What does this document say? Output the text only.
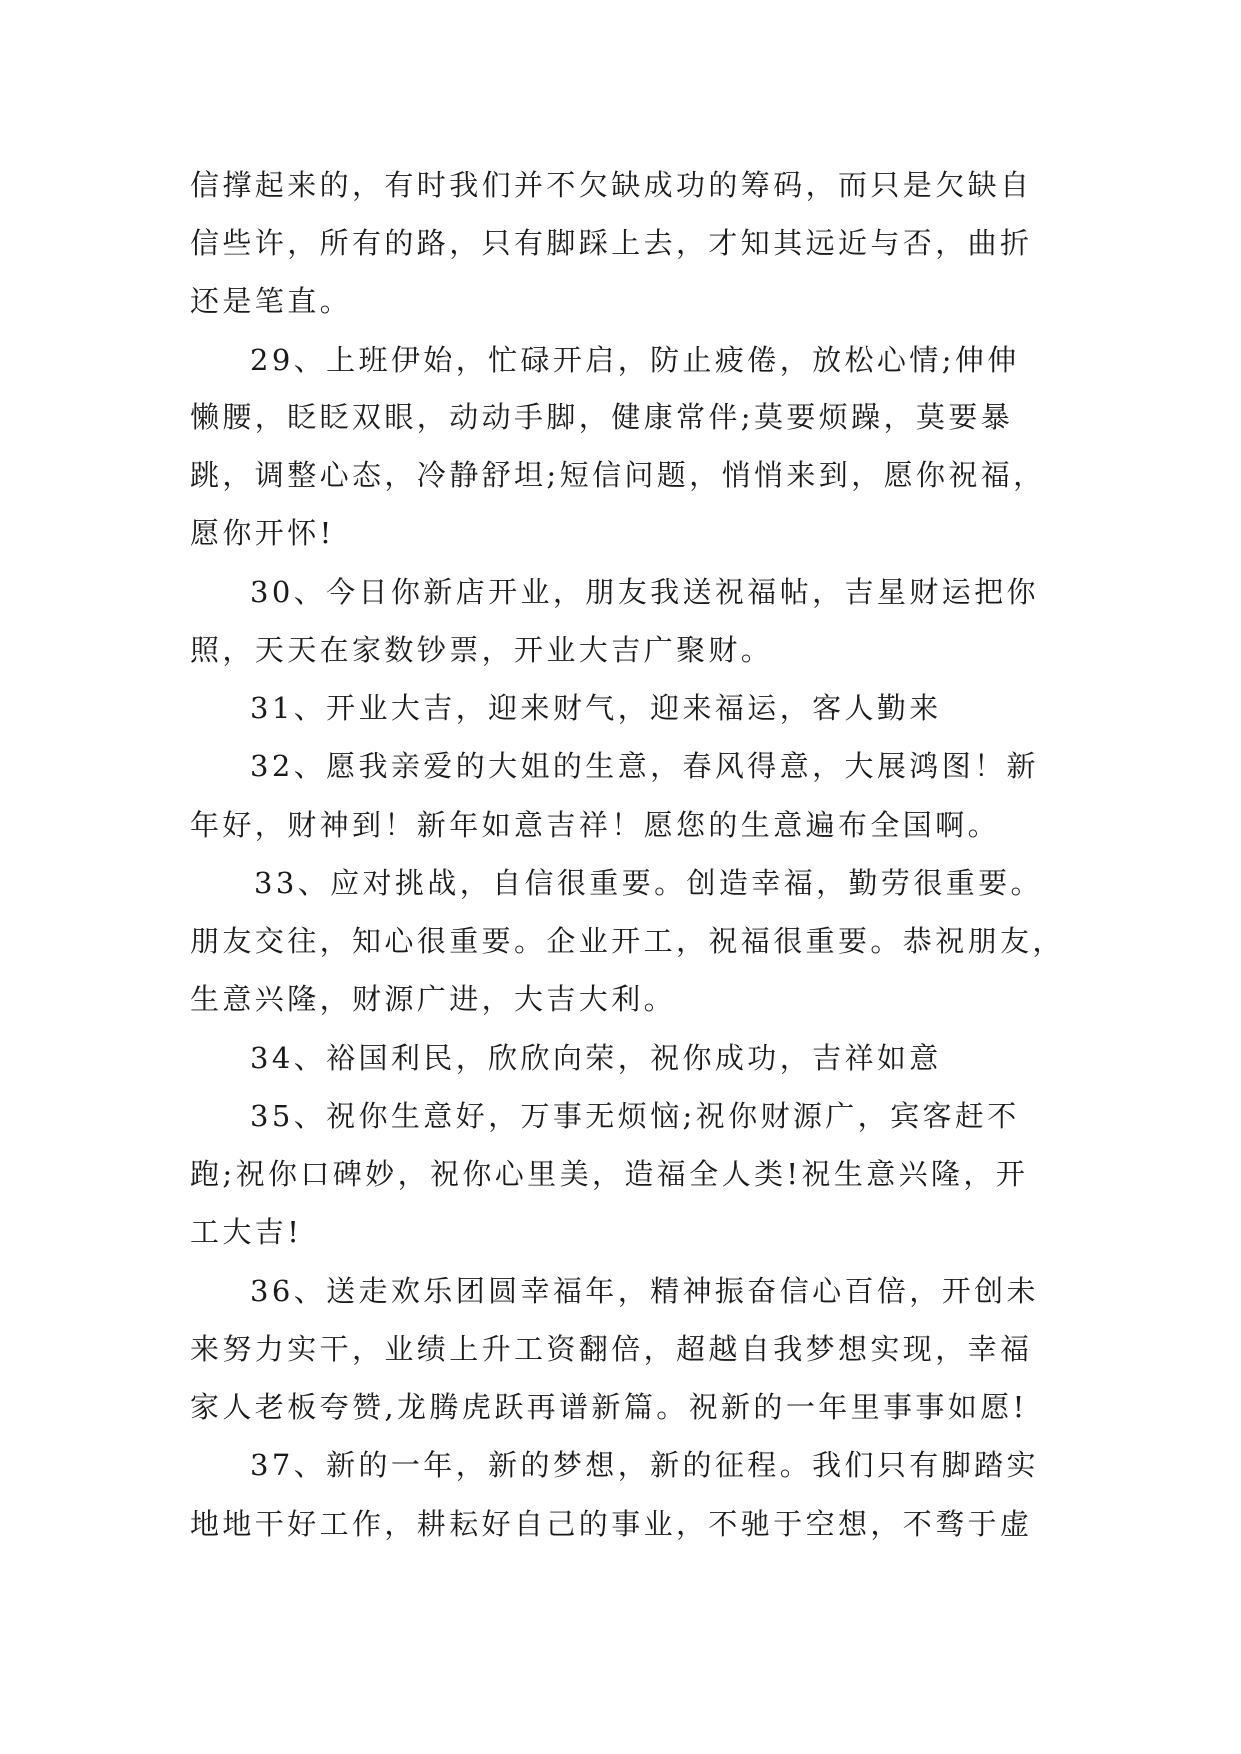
信撑起来的，有时我们并不欠缺成功的筹码，而只是欠缺自
信些许，所有的路，只有脚踩上去，才知其远近与否，曲折
还是笔直。
29、上班伊始，忙碌开启，防止疲倦，放松心情;伸伸
懒腰，眨眨双眼，动动手脚，健康常伴;莫要烦躁，莫要暴
跳，调整心态，冷静舒坦;短信问题，悄悄来到，愿你祝福，
愿你开怀!
30、今日你新店开业，朋友我送祝福帖，吉星财运把你
照，天天在家数钞票，开业大吉广聚财。
31、开业大吉，迎来财气，迎来福运，客人勤来
32、愿我亲爱的大姐的生意，春风得意，大展鸿图！新
年好，财神到！新年如意吉祥！愿您的生意遍布全国啊。
33、应对挑战，自信很重要。创造幸福，勤劳很重要。
朋友交往，知心很重要。企业开工，祝福很重要。恭祝朋友，
生意兴隆，财源广进，大吉大利。
34、裕国利民，欣欣向荣，祝你成功，吉祥如意
35、祝你生意好，万事无烦恼;祝你财源广，宾客赶不
跑;祝你口碑妙，祝你心里美，造福全人类!祝生意兴隆，开
工大吉!
36、送走欢乐团圆幸福年，精神振奋信心百倍，开创未
来努力实干，业绩上升工资翻倍，超越自我梦想实现，幸福
家人老板夸赞,龙腾虎跃再谱新篇。祝新的一年里事事如愿!
37、新的一年，新的梦想，新的征程。我们只有脚踏实
地地干好工作，耕耘好自己的事业，不驰于空想，不骛于虚
